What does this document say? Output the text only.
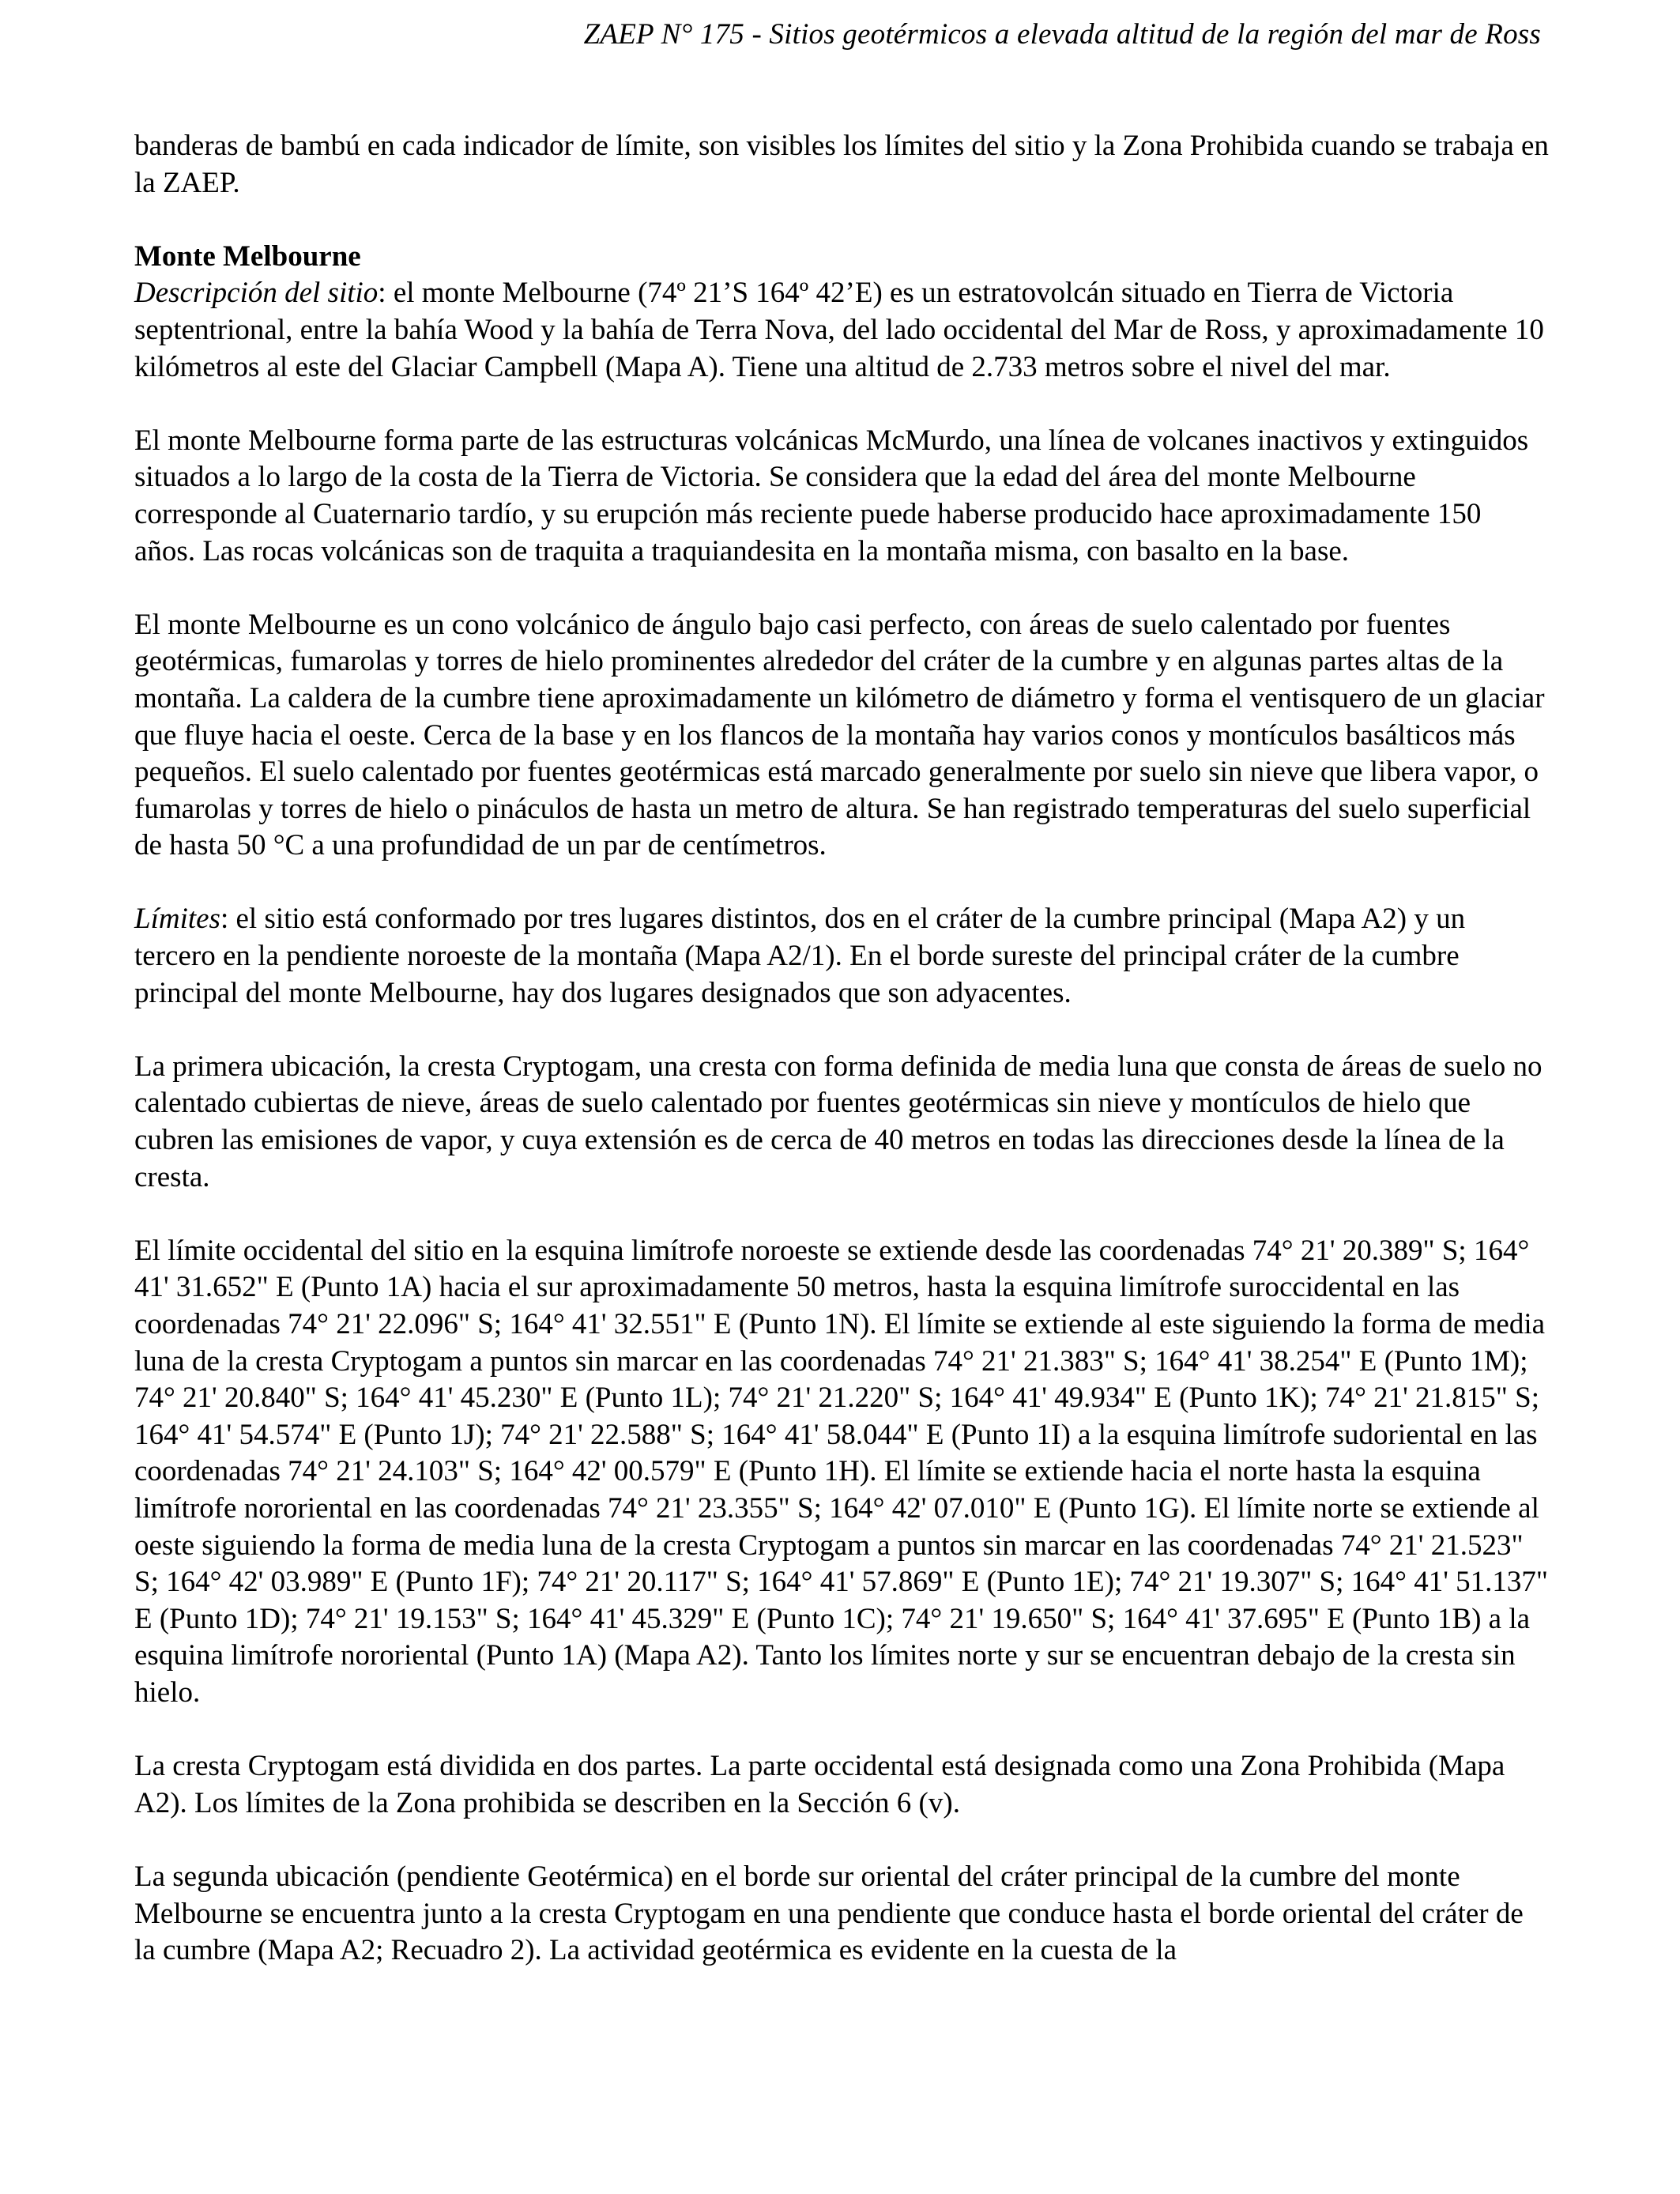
ZAEP N° 175 - Sitios geotérmicos a elevada altitud de la región del mar de Ross

banderas de bambú en cada indicador de límite, son visibles los límites del sitio y la Zona Prohibida cuando se trabaja en la ZAEP.

Monte Melbourne
Descripción del sitio: el monte Melbourne (74º 21’S 164º 42’E) es un estratovolcán situado en Tierra de Victoria septentrional, entre la bahía Wood y la bahía de Terra Nova, del lado occidental del Mar de Ross, y aproximadamente 10 kilómetros al este del Glaciar Campbell (Mapa A). Tiene una altitud de 2.733 metros sobre el nivel del mar.

El monte Melbourne forma parte de las estructuras volcánicas McMurdo, una línea de volcanes inactivos y extinguidos situados a lo largo de la costa de la Tierra de Victoria. Se considera que la edad del área del monte Melbourne corresponde al Cuaternario tardío, y su erupción más reciente puede haberse producido hace aproximadamente 150 años. Las rocas volcánicas son de traquita a traquiandesita en la montaña misma, con basalto en la base.

El monte Melbourne es un cono volcánico de ángulo bajo casi perfecto, con áreas de suelo calentado por fuentes geotérmicas, fumarolas y torres de hielo prominentes alrededor del cráter de la cumbre y en algunas partes altas de la montaña. La caldera de la cumbre tiene aproximadamente un kilómetro de diámetro y forma el ventisquero de un glaciar que fluye hacia el oeste. Cerca de la base y en los flancos de la montaña hay varios conos y montículos basálticos más pequeños. El suelo calentado por fuentes geotérmicas está marcado generalmente por suelo sin nieve que libera vapor, o fumarolas y torres de hielo o pináculos de hasta un metro de altura. Se han registrado temperaturas del suelo superficial de hasta 50 °C a una profundidad de un par de centímetros.

Límites: el sitio está conformado por tres lugares distintos, dos en el cráter de la cumbre principal (Mapa A2) y un tercero en la pendiente noroeste de la montaña (Mapa A2/1). En el borde sureste del principal cráter de la cumbre principal del monte Melbourne, hay dos lugares designados que son adyacentes.

La primera ubicación, la cresta Cryptogam, una cresta con forma definida de media luna que consta de áreas de suelo no calentado cubiertas de nieve, áreas de suelo calentado por fuentes geotérmicas sin nieve y montículos de hielo que cubren las emisiones de vapor, y cuya extensión es de cerca de 40 metros en todas las direcciones desde la línea de la cresta.

El límite occidental del sitio en la esquina limítrofe noroeste se extiende desde las coordenadas 74° 21' 20.389" S; 164° 41' 31.652" E (Punto 1A) hacia el sur aproximadamente 50 metros, hasta la esquina limítrofe suroccidental en las coordenadas 74° 21' 22.096" S; 164° 41' 32.551" E (Punto 1N). El límite se extiende al este siguiendo la forma de media luna de la cresta Cryptogam a puntos sin marcar en las coordenadas 74° 21' 21.383" S; 164° 41' 38.254" E (Punto 1M); 74° 21' 20.840" S; 164° 41' 45.230" E (Punto 1L); 74° 21' 21.220" S; 164° 41' 49.934" E (Punto 1K); 74° 21' 21.815" S; 164° 41' 54.574" E (Punto 1J); 74° 21' 22.588" S; 164° 41' 58.044" E (Punto 1I) a la esquina limítrofe sudoriental en las coordenadas 74° 21' 24.103" S; 164° 42' 00.579" E (Punto 1H). El límite se extiende hacia el norte hasta la esquina limítrofe nororiental en las coordenadas 74° 21' 23.355" S; 164° 42' 07.010" E (Punto 1G). El límite norte se extiende al oeste siguiendo la forma de media luna de la cresta Cryptogam a puntos sin marcar en las coordenadas 74° 21' 21.523" S; 164° 42' 03.989" E (Punto 1F); 74° 21' 20.117" S; 164° 41' 57.869" E (Punto 1E); 74° 21' 19.307" S; 164° 41' 51.137" E (Punto 1D); 74° 21' 19.153" S; 164° 41' 45.329" E (Punto 1C); 74° 21' 19.650" S; 164° 41' 37.695" E (Punto 1B) a la esquina limítrofe nororiental (Punto 1A) (Mapa A2). Tanto los límites norte y sur se encuentran debajo de la cresta sin hielo.

La cresta Cryptogam está dividida en dos partes. La parte occidental está designada como una Zona Prohibida (Mapa A2). Los límites de la Zona prohibida se describen en la Sección 6 (v).

La segunda ubicación (pendiente Geotérmica) en el borde sur oriental del cráter principal de la cumbre del monte Melbourne se encuentra junto a la cresta Cryptogam en una pendiente que conduce hasta el borde oriental del cráter de la cumbre (Mapa A2; Recuadro 2). La actividad geotérmica es evidente en la cuesta de la
